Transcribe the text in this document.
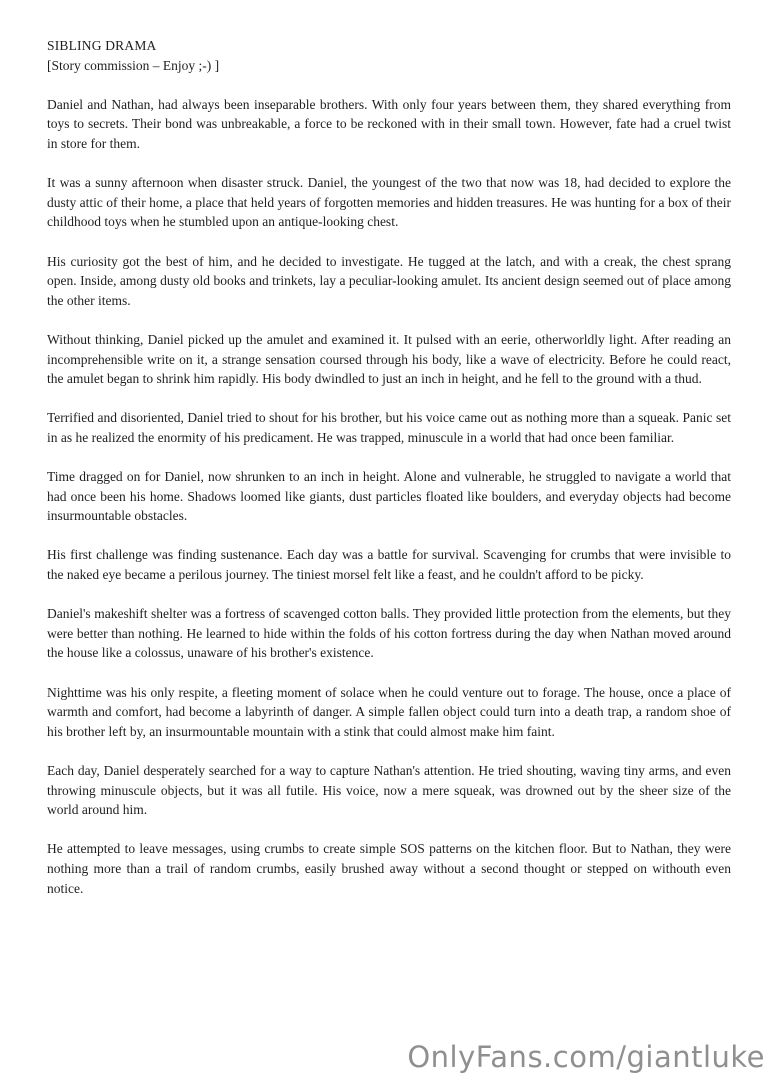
SIBLING DRAMA

[Story commission – Enjoy ;-) ]

Daniel and Nathan, had always been inseparable brothers. With only four years between them, they shared everything from toys to secrets. Their bond was unbreakable, a force to be reckoned with in their small town. However, fate had a cruel twist in store for them.

It was a sunny afternoon when disaster struck. Daniel, the youngest of the two that now was 18, had decided to explore the dusty attic of their home, a place that held years of forgotten memories and hidden treasures. He was hunting for a box of their childhood toys when he stumbled upon an antique-looking chest.

His curiosity got the best of him, and he decided to investigate. He tugged at the latch, and with a creak, the chest sprang open. Inside, among dusty old books and trinkets, lay a peculiar-looking amulet. Its ancient design seemed out of place among the other items.

Without thinking, Daniel picked up the amulet and examined it. It pulsed with an eerie, otherworldly light. After reading an incomprehensible write on it, a strange sensation coursed through his body, like a wave of electricity. Before he could react, the amulet began to shrink him rapidly. His body dwindled to just an inch in height, and he fell to the ground with a thud.

Terrified and disoriented, Daniel tried to shout for his brother, but his voice came out as nothing more than a squeak. Panic set in as he realized the enormity of his predicament. He was trapped, minuscule in a world that had once been familiar.

Time dragged on for Daniel, now shrunken to an inch in height. Alone and vulnerable, he struggled to navigate a world that had once been his home. Shadows loomed like giants, dust particles floated like boulders, and everyday objects had become insurmountable obstacles.

His first challenge was finding sustenance. Each day was a battle for survival. Scavenging for crumbs that were invisible to the naked eye became a perilous journey. The tiniest morsel felt like a feast, and he couldn't afford to be picky.

Daniel's makeshift shelter was a fortress of scavenged cotton balls. They provided little protection from the elements, but they were better than nothing. He learned to hide within the folds of his cotton fortress during the day when Nathan moved around the house like a colossus, unaware of his brother's existence.

Nighttime was his only respite, a fleeting moment of solace when he could venture out to forage. The house, once a place of warmth and comfort, had become a labyrinth of danger. A simple fallen object could turn into a death trap, a random shoe of his brother left by, an insurmountable mountain with a stink that could almost make him faint.

Each day, Daniel desperately searched for a way to capture Nathan's attention. He tried shouting, waving tiny arms, and even throwing minuscule objects, but it was all futile. His voice, now a mere squeak, was drowned out by the sheer size of the world around him.

He attempted to leave messages, using crumbs to create simple SOS patterns on the kitchen floor. But to Nathan, they were nothing more than a trail of random crumbs, easily brushed away without a second thought or stepped on withouth even notice.

OnlyFans.com/giantluke
